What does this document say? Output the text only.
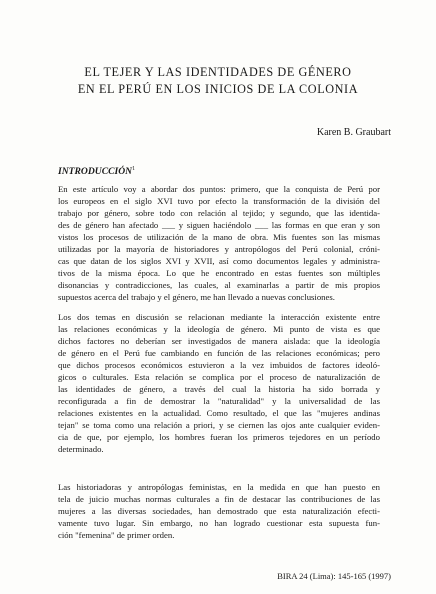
EL TEJER Y LAS IDENTIDADES DE GÉNERO
EN EL PERÚ EN LOS INICIOS DE LA COLONIA

Karen B. Graubart

INTRODUCCIÓN$^1$
En este artículo voy a abordar dos puntos: primero, que la conquista de Perú por
los europeos en el siglo XVI tuvo por efecto la transformación de la división del
trabajo por género, sobre todo con relación al tejido; y segundo, que las identida-
des de género han afectado ___ y siguen haciéndolo ___ las formas en que eran y son
vistos los procesos de utilización de la mano de obra. Mis fuentes son las mismas
utilizadas por la mayoría de historiadores y antropólogos del Perú colonial, cróni-
cas que datan de los siglos XVI y XVII, así como documentos legales y administra-
tivos de la misma época. Lo que he encontrado en estas fuentes son múltiples
disonancias y contradicciones, las cuales, al examinarlas a partir de mis propios
supuestos acerca del trabajo y el género, me han llevado a nuevas conclusiones.
Los dos temas en discusión se relacionan mediante la interacción existente entre
las relaciones económicas y la ideología de género. Mi punto de vista es que
dichos factores no deberían ser investigados de manera aislada: que la ideología
de género en el Perú fue cambiando en función de las relaciones económicas; pero
que dichos procesos económicos estuvieron a la vez imbuidos de factores ideoló-
gicos o culturales. Esta relación se complica por el proceso de naturalización de
las identidades de género, a través del cual la historia ha sido borrada y
reconfigurada a fin de demostrar la "naturalidad" y la universalidad de las
relaciones existentes en la actualidad. Como resultado, el que las "mujeres andinas
tejan" se toma como una relación a priori, y se ciernen las ojos ante cualquier eviden-
cia de que, por ejemplo, los hombres fueran los primeros tejedores en un período
determinado.
Las historiadoras y antropólogas feministas, en la medida en que han puesto en
tela de juicio muchas normas culturales a fin de destacar las contribuciones de las
mujeres a las diversas sociedades, han demostrado que esta naturalización efecti-
vamente tuvo lugar. Sin embargo, no han logrado cuestionar esta supuesta fun-
ción "femenina" de primer orden.

BIRA 24 (Lima): 145-165 (1997)
